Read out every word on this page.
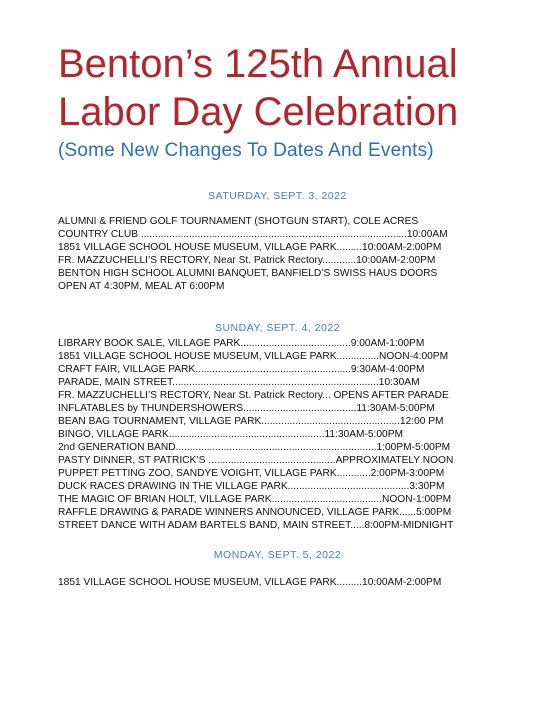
Benton’s 125th Annual
Labor Day Celebration
(Some New Changes To Dates And Events)
SATURDAY, SEPT. 3, 2022
ALUMNI & FRIEND GOLF TOURNAMENT (SHOTGUN START), COLE ACRES
COUNTRY CLUB ..............................................................................................10:00AM
1851 VILLAGE SCHOOL HOUSE MUSEUM, VILLAGE PARK.........10:00AM-2:00PM
FR. MAZZUCHELLI’S RECTORY, Near St. Patrick Rectory............10:00AM-2:00PM
BENTON HIGH SCHOOL ALUMNI BANQUET, BANFIELD’S SWISS HAUS DOORS
OPEN AT 4:30PM, MEAL AT 6:00PM
SUNDAY, SEPT. 4, 2022
LIBRARY BOOK SALE, VILLAGE PARK.......................................9:00AM-1:00PM
1851 VILLAGE SCHOOL HOUSE MUSEUM, VILLAGE PARK...............NOON-4:00PM
CRAFT FAIR, VILLAGE PARK.......................................................9:30AM-4:00PM
PARADE, MAIN STREET.........................................................................10:30AM
FR. MAZZUCHELLI’S RECTORY, Near St. Patrick Rectory... OPENS AFTER PARADE
INFLATABLES by THUNDERSHOWERS........................................11:30AM-5:00PM
BEAN BAG TOURNAMENT, VILLAGE PARK.................................................12:00 PM
BINGO, VILLAGE PARK.......................................................11:30AM-5:00PM
2nd GENERATION BAND.......................................................................1:00PM-5:00PM
PASTY DINNER, ST PATRICK’S .............................................APPROXIMATELY NOON
PUPPET PETTING ZOO, SANDYE VOIGHT, VILLAGE PARK............2:00PM-3:00PM
DUCK RACES DRAWING IN THE VILLAGE PARK...........................................3:30PM
THE MAGIC OF BRIAN HOLT, VILLAGE PARK.......................................NOON-1:00PM
RAFFLE DRAWING & PARADE WINNERS ANNOUNCED, VILLAGE PARK......5:00PM
STREET DANCE WITH ADAM BARTELS BAND, MAIN STREET.....8:00PM-MIDNIGHT
MONDAY, SEPT. 5, 2022
1851 VILLAGE SCHOOL HOUSE MUSEUM, VILLAGE PARK.........10:00AM-2:00PM
